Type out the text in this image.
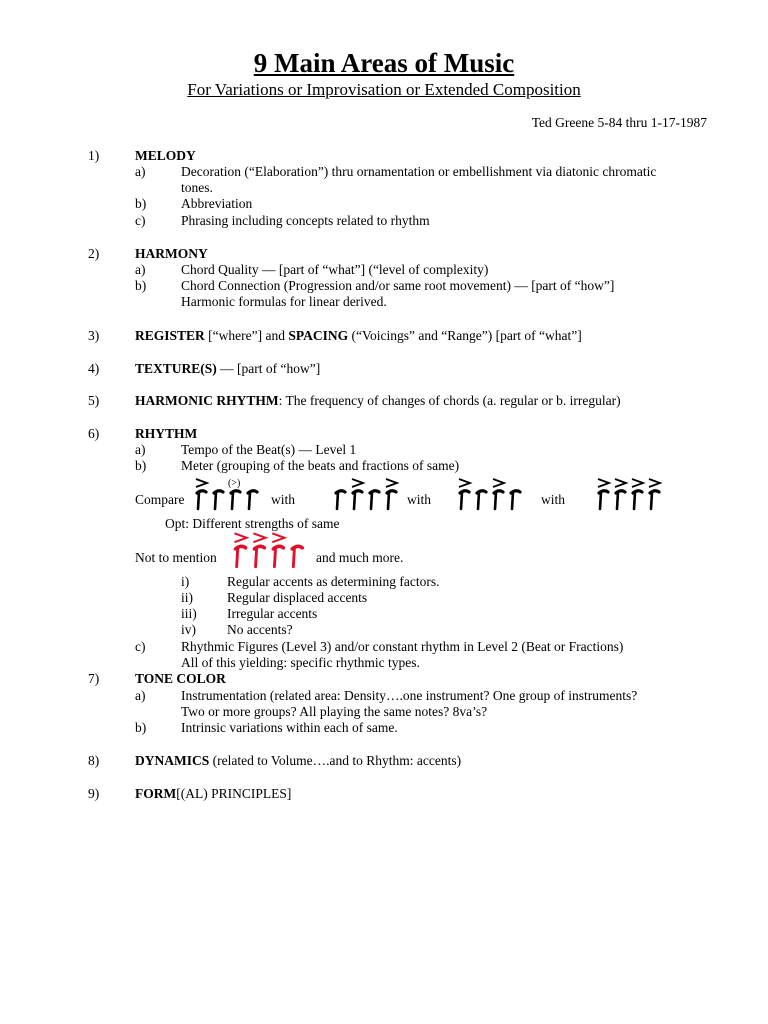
9 Main Areas of Music
For Variations or Improvisation or Extended Composition
Ted Greene 5-84 thru 1-17-1987
1)	MELODY
a)	Decoration (“Elaboration”) thru ornamentation or embellishment via diatonic chromatic
tones.
b)	Abbreviation
c)	Phrasing including concepts related to rhythm
2)	HARMONY
a)	Chord Quality — [part of “what”] (“level of complexity)
b)	Chord Connection (Progression and/or same root movement) — [part of “how”]
Harmonic formulas for linear derived.
3)	REGISTER [“where”] and SPACING (“Voicings” and “Range”) [part of “what”]
4)	TEXTURE(S) — [part of “how”]
5)	HARMONIC RHYTHM: The frequency of changes of chords (a. regular or b. irregular)
6)	RHYTHM
a)	Tempo of the Beat(s) — Level 1
b)	Meter (grouping of the beats and fractions of same)
Compare
(>)
with	with	with
Opt: Different strengths of same
Not to mention	and much more.
i)	Regular accents as determining factors.
ii)	Regular displaced accents
iii) Irregular accents
iv) No accents?
c)	Rhythmic Figures (Level 3) and/or constant rhythm in Level 2 (Beat or Fractions)
All of this yielding: specific rhythmic types.
7)	TONE COLOR
a)	Instrumentation (related area: Density….one instrument? One group of instruments?
Two or more groups? All playing the same notes? 8va’s?
b)	Intrinsic variations within each of same.
8)	DYNAMICS (related to Volume….and to Rhythm: accents)
9)	FORM[(AL) PRINCIPLES]
